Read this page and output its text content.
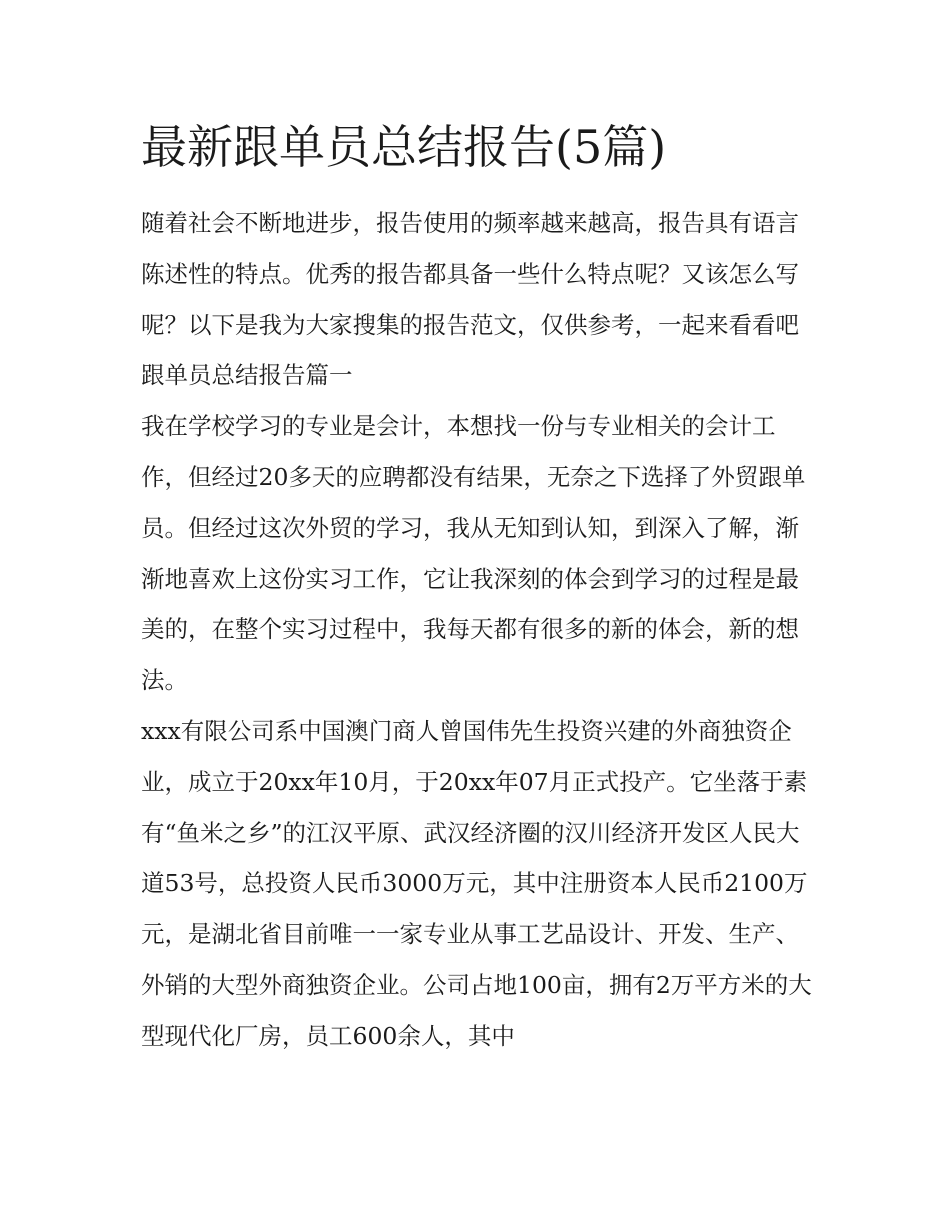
最新跟单员总结报告(5篇)

随着社会不断地进步，报告使用的频率越来越高，报告具有语言陈述性的特点。优秀的报告都具备一些什么特点呢？又该怎么写呢？以下是我为大家搜集的报告范文，仅供参考，一起来看看吧

跟单员总结报告篇一

我在学校学习的专业是会计，本想找一份与专业相关的会计工作，但经过20多天的应聘都没有结果，无奈之下选择了外贸跟单员。但经过这次外贸的学习，我从无知到认知，到深入了解，渐渐地喜欢上这份实习工作，它让我深刻的体会到学习的过程是最美的，在整个实习过程中，我每天都有很多的新的体会，新的想法。

xxx有限公司系中国澳门商人曾国伟先生投资兴建的外商独资企业，成立于20xx年10月，于20xx年07月正式投产。它坐落于素有“鱼米之乡”的江汉平原、武汉经济圈的汉川经济开发区人民大道53号，总投资人民币3000万元，其中注册资本人民币2100万元，是湖北省目前唯一一家专业从事工艺品设计、开发、生产、外销的大型外商独资企业。公司占地100亩，拥有2万平方米的大型现代化厂房，员工600余人，其中
